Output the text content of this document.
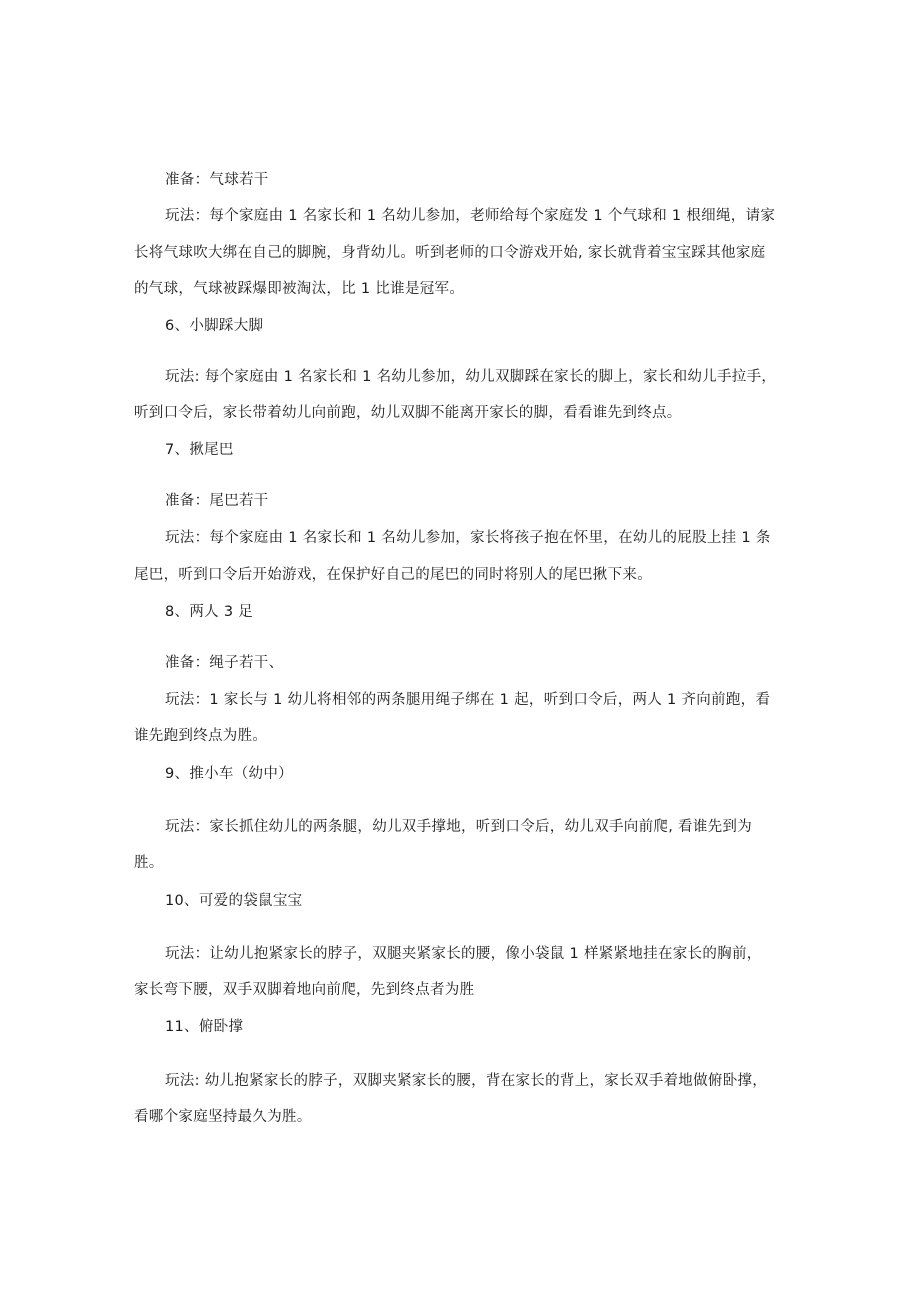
准备：气球若干
玩法：每个家庭由 1 名家长和 1 名幼儿参加，老师给每个家庭发 1 个气球和 1 根细绳，请家
长将气球吹大绑在自己的脚腕，身背幼儿。听到老师的口令游戏开始, 家长就背着宝宝踩其他家庭
的气球，气球被踩爆即被淘汰，比 1 比谁是冠军。
6、小脚踩大脚
玩法: 每个家庭由 1 名家长和 1 名幼儿参加，幼儿双脚踩在家长的脚上，家长和幼儿手拉手，
听到口令后，家长带着幼儿向前跑，幼儿双脚不能离开家长的脚，看看谁先到终点。
7、揪尾巴
准备：尾巴若干
玩法：每个家庭由 1 名家长和 1 名幼儿参加，家长将孩子抱在怀里，在幼儿的屁股上挂 1 条
尾巴，听到口令后开始游戏，在保护好自己的尾巴的同时将别人的尾巴揪下来。
8、两人 3 足
准备：绳子若干、
玩法：1 家长与 1 幼儿将相邻的两条腿用绳子绑在 1 起，听到口令后，两人 1 齐向前跑，看
谁先跑到终点为胜。
9、推小车（幼中）
玩法：家长抓住幼儿的两条腿，幼儿双手撑地，听到口令后，幼儿双手向前爬, 看谁先到为
胜。
10、可爱的袋鼠宝宝
玩法：让幼儿抱紧家长的脖子，双腿夹紧家长的腰，像小袋鼠 1 样紧紧地挂在家长的胸前，
家长弯下腰，双手双脚着地向前爬，先到终点者为胜
11、俯卧撑
玩法: 幼儿抱紧家长的脖子，双脚夹紧家长的腰，背在家长的背上，家长双手着地做俯卧撑，
看哪个家庭坚持最久为胜。
